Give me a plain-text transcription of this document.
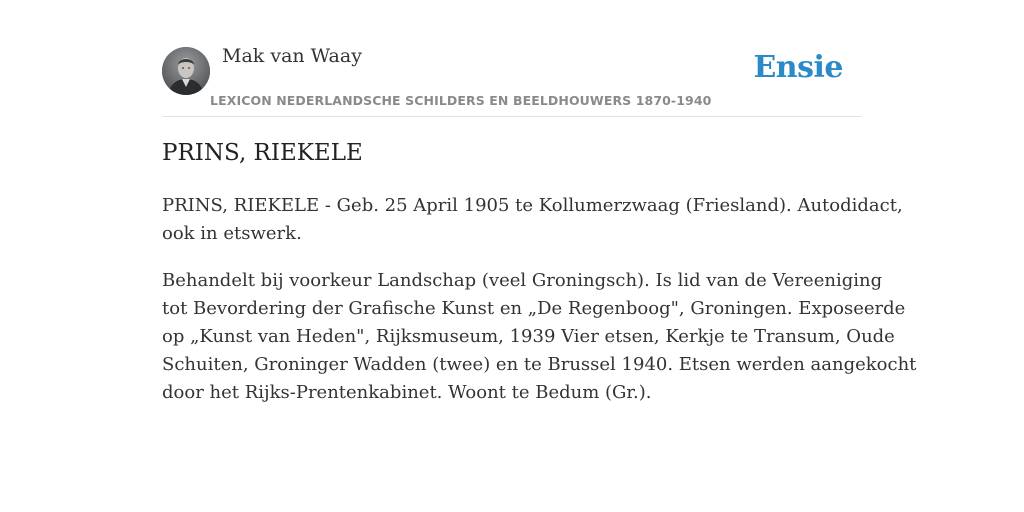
Mak van Waay
LEXICON NEDERLANDSCHE SCHILDERS EN BEELDHOUWERS 1870-1940
Ensie
PRINS, RIEKELE

PRINS, RIEKELE - Geb. 25 April 1905 te Kollumerzwaag (Friesland). Autodidact,
ook in etswerk.

Behandelt bij voorkeur Landschap (veel Groningsch). Is lid van de Vereeniging
tot Bevordering der Grafische Kunst en „De Regenboog", Groningen. Exposeerde
op „Kunst van Heden", Rijksmuseum, 1939 Vier etsen, Kerkje te Transum, Oude
Schuiten, Groninger Wadden (twee) en te Brussel 1940. Etsen werden aangekocht
door het Rijks-Prentenkabinet. Woont te Bedum (Gr.).
